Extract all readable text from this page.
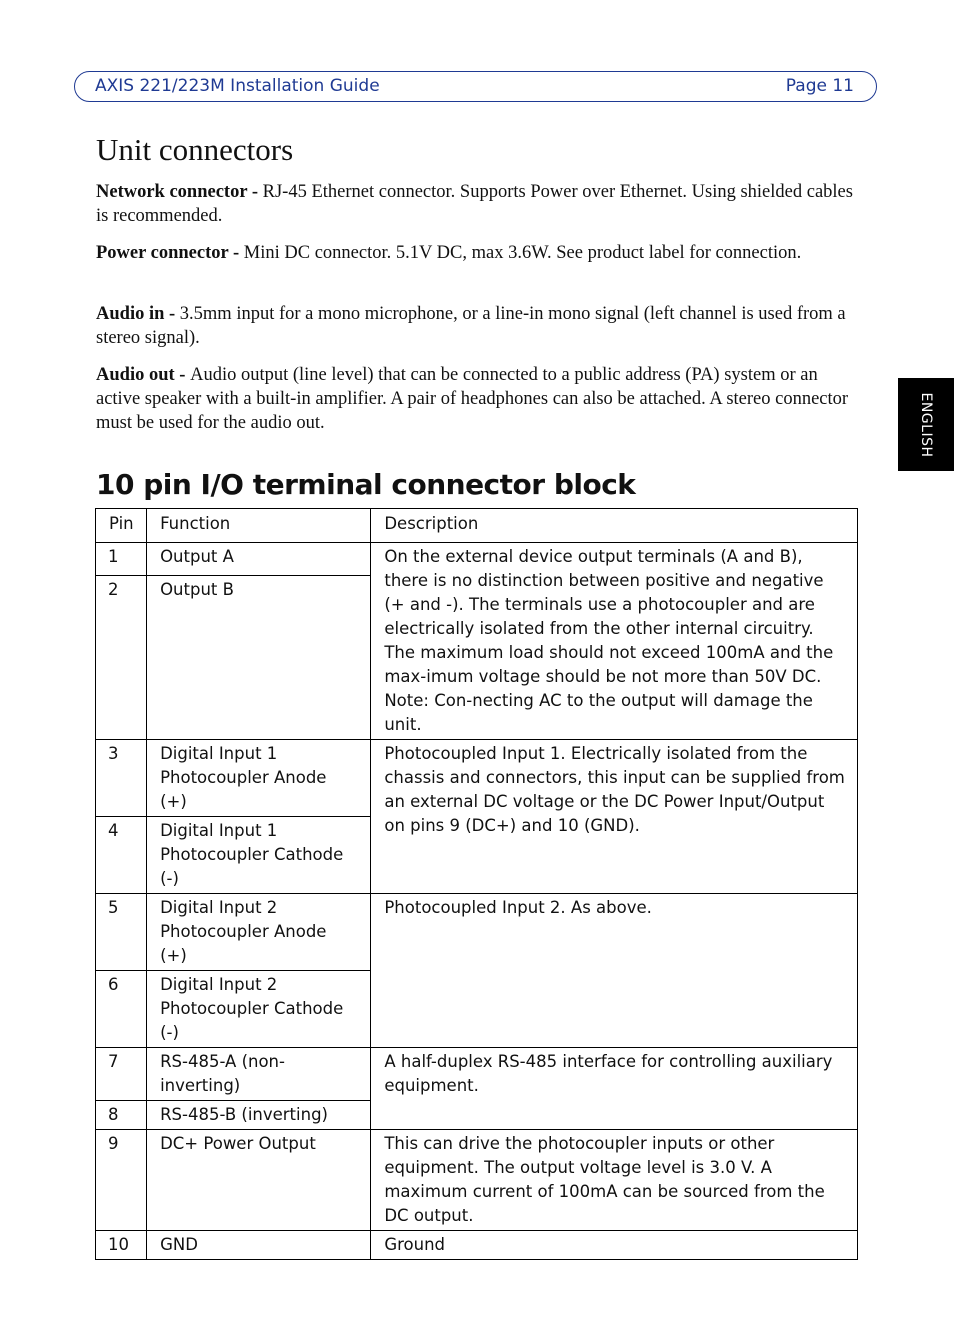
AXIS 221/223M Installation Guide	Page 11
ENGLISH
Unit connectors

Network connector - RJ-45 Ethernet connector. Supports Power over Ethernet. Using shielded cables is recommended.

Power connector - Mini DC connector. 5.1V DC, max 3.6W. See product label for connection.

Audio in - 3.5mm input for a mono microphone, or a line-in mono signal (left channel is used from a stereo signal).

Audio out - Audio output (line level) that can be connected to a public address (PA) system or an active speaker with a built-in amplifier. A pair of headphones can also be attached. A stereo connector must be used for the audio out.

10 pin I/O terminal connector block
Pin	Function	Description
1	Output A	On the external device output terminals (A and B), there is no distinction between positive and negative (+ and -). The terminals use a photocoupler and are electrically isolated from the other internal circuitry.
The maximum load should not exceed 100mA and the max-imum voltage should be not more than 50V DC. Note: Con-necting AC to the output will damage the unit.

2	Output B	
3	Digital Input 1
Photocoupler Anode (+)	Photocoupled Input 1. Electrically isolated from the chassis and connectors, this input can be supplied from an external DC voltage or the DC Power Input/Output on pins 9 (DC+) and 10 (GND).
4	Digital Input 1
Photocoupler Cathode (-)	

5	Digital Input 2
Photocoupler Anode (+)	Photocoupled Input 2. As above.
6	Digital Input 2
Photocoupler Cathode (-)	

7	RS-485-A (non-inverting)	A half-duplex RS-485 interface for controlling auxiliary equipment.
8	RS-485-B (inverting)	
9	DC+ Power Output	This can drive the photocoupler inputs or other equipment. The output voltage level is 3.0 V. A maximum current of 100mA can be sourced from the DC output.
10	GND	Ground
